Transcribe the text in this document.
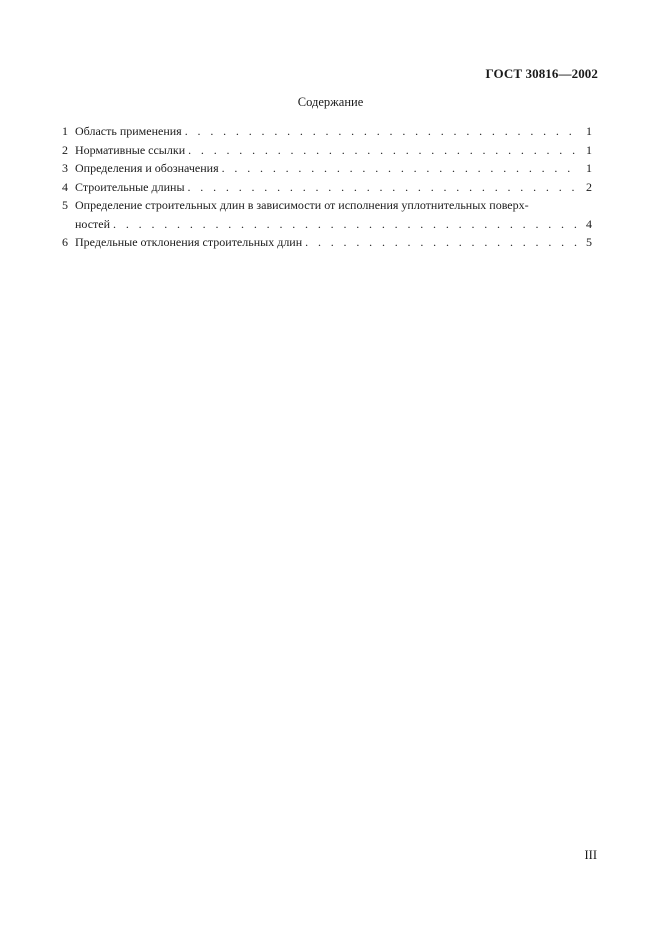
ГОСТ 30816—2002
Содержание
1 Область применения . . .	1
2 Нормативные ссылки . . .	1
3 Определения и обозначения . . .	1
4 Строительные длины . . .	2
5 Определение строительных длин в зависимости от исполнения уплотнительных поверх-
ностей . . .	4
6 Предельные отклонения строительных длин . . .	5
III
